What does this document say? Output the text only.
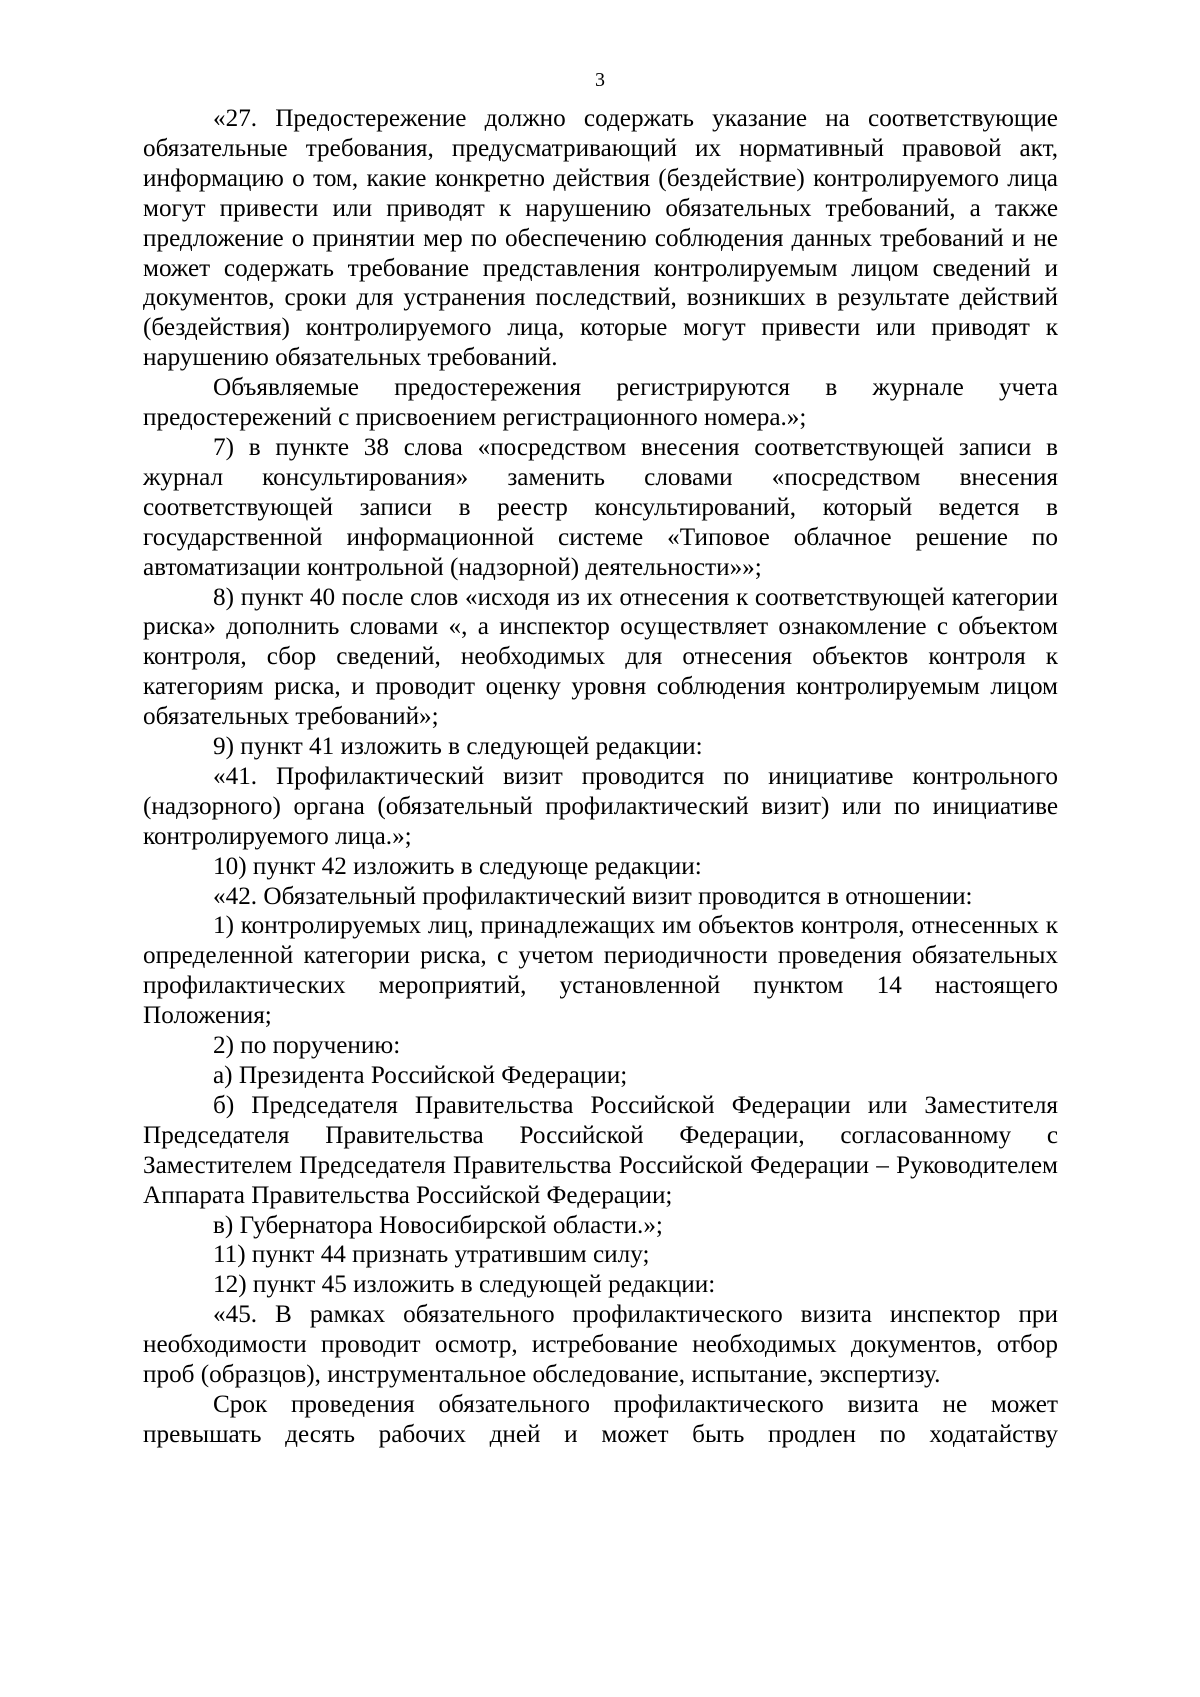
3

«27. Предостережение должно содержать указание на соответствующие обязательные требования, предусматривающий их нормативный правовой акт, информацию о том, какие конкретно действия (бездействие) контролируемого лица могут привести или приводят к нарушению обязательных требований, а также предложение о принятии мер по обеспечению соблюдения данных требований и не может содержать требование представления контролируемым лицом сведений и документов, сроки для устранения последствий, возникших в результате действий (бездействия) контролируемого лица, которые могут привести или приводят к нарушению обязательных требований.

Объявляемые предостережения регистрируются в журнале учета предостережений с присвоением регистрационного номера.»;

7) в пункте 38 слова «посредством внесения соответствующей записи в журнал консультирования» заменить словами «посредством внесения соответствующей записи в реестр консультирований, который ведется в государственной информационной системе «Типовое облачное решение по автоматизации контрольной (надзорной) деятельности»»;

8) пункт 40 после слов «исходя из их отнесения к соответствующей категории риска» дополнить словами «, а инспектор осуществляет ознакомление с объектом контроля, сбор сведений, необходимых для отнесения объектов контроля к категориям риска, и проводит оценку уровня соблюдения контролируемым лицом обязательных требований»;

9) пункт 41 изложить в следующей редакции:

«41. Профилактический визит проводится по инициативе контрольного (надзорного) органа (обязательный профилактический визит) или по инициативе контролируемого лица.»;

10) пункт 42 изложить в следующе редакции:

«42. Обязательный профилактический визит проводится в отношении:

1) контролируемых лиц, принадлежащих им объектов контроля, отнесенных к определенной категории риска, с учетом периодичности проведения обязательных профилактических мероприятий, установленной пунктом 14 настоящего Положения;

2) по поручению:

а) Президента Российской Федерации;

б) Председателя Правительства Российской Федерации или Заместителя Председателя Правительства Российской Федерации, согласованному с Заместителем Председателя Правительства Российской Федерации – Руководителем Аппарата Правительства Российской Федерации;

в) Губернатора Новосибирской области.»;

11) пункт 44 признать утратившим силу;

12) пункт 45 изложить в следующей редакции:

«45. В рамках обязательного профилактического визита инспектор при необходимости проводит осмотр, истребование необходимых документов, отбор проб (образцов), инструментальное обследование, испытание, экспертизу.

Срок проведения обязательного профилактического визита не может превышать десять рабочих дней и может быть продлен по ходатайству
